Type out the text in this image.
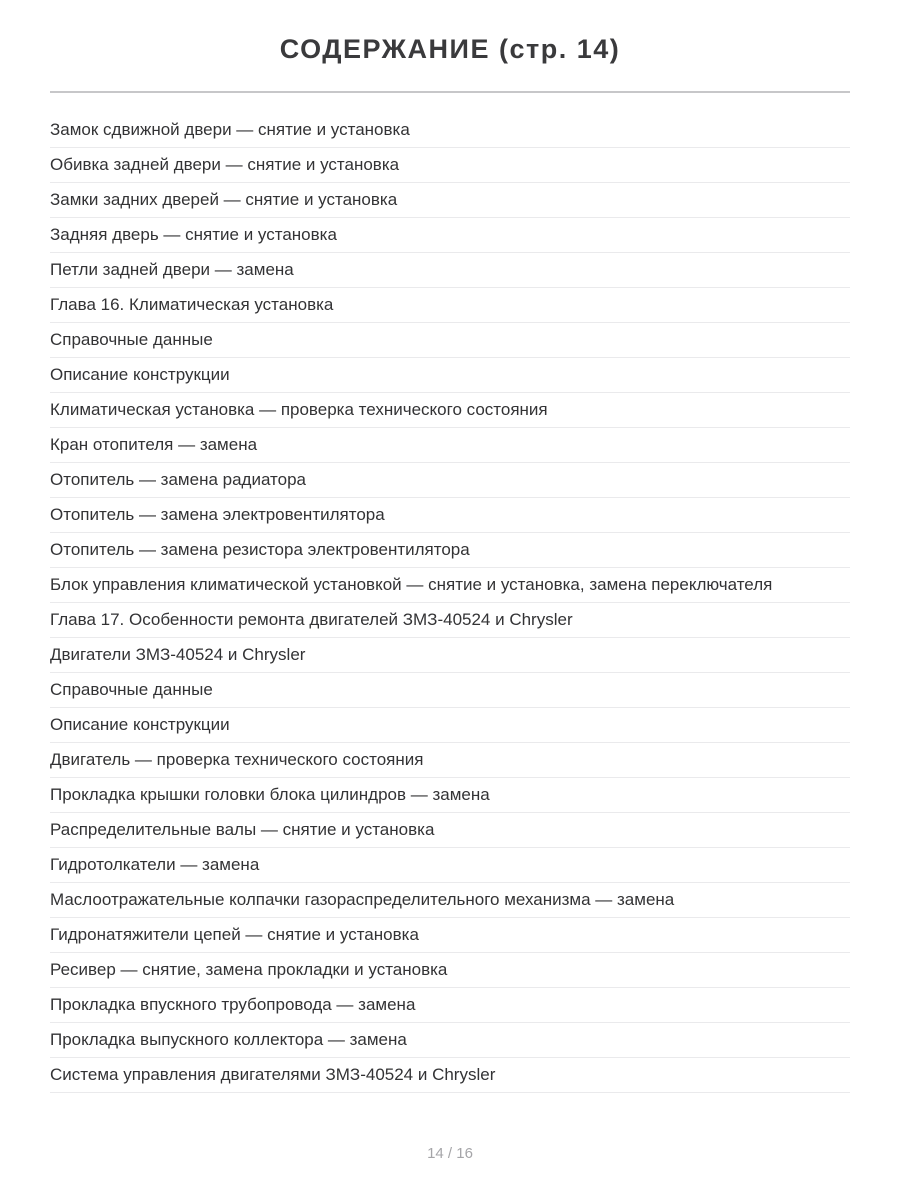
СОДЕРЖАНИЕ (стр. 14)
Замок сдвижной двери — снятие и установка
Обивка задней двери — снятие и установка
Замки задних дверей — снятие и установка
Задняя дверь — снятие и установка
Петли задней двери — замена
Глава 16. Климатическая установка
Справочные данные
Описание конструкции
Климатическая установка — проверка технического состояния
Кран отопителя — замена
Отопитель — замена радиатора
Отопитель — замена электровентилятора
Отопитель — замена резистора электровентилятора
Блок управления климатической установкой — снятие и установка, замена переключателя
Глава 17. Особенности ремонта двигателей ЗМЗ-40524 и Chrysler
Двигатели ЗМЗ-40524 и Chrysler
Справочные данные
Описание конструкции
Двигатель — проверка технического состояния
Прокладка крышки головки блока цилиндров — замена
Распределительные валы — снятие и установка
Гидротолкатели — замена
Маслоотражательные колпачки газораспределительного механизма — замена
Гидронатяжители цепей — снятие и установка
Ресивер — снятие, замена прокладки и установка
Прокладка впускного трубопровода — замена
Прокладка выпускного коллектора — замена
Система управления двигателями ЗМЗ-40524 и Chrysler
14 / 16
